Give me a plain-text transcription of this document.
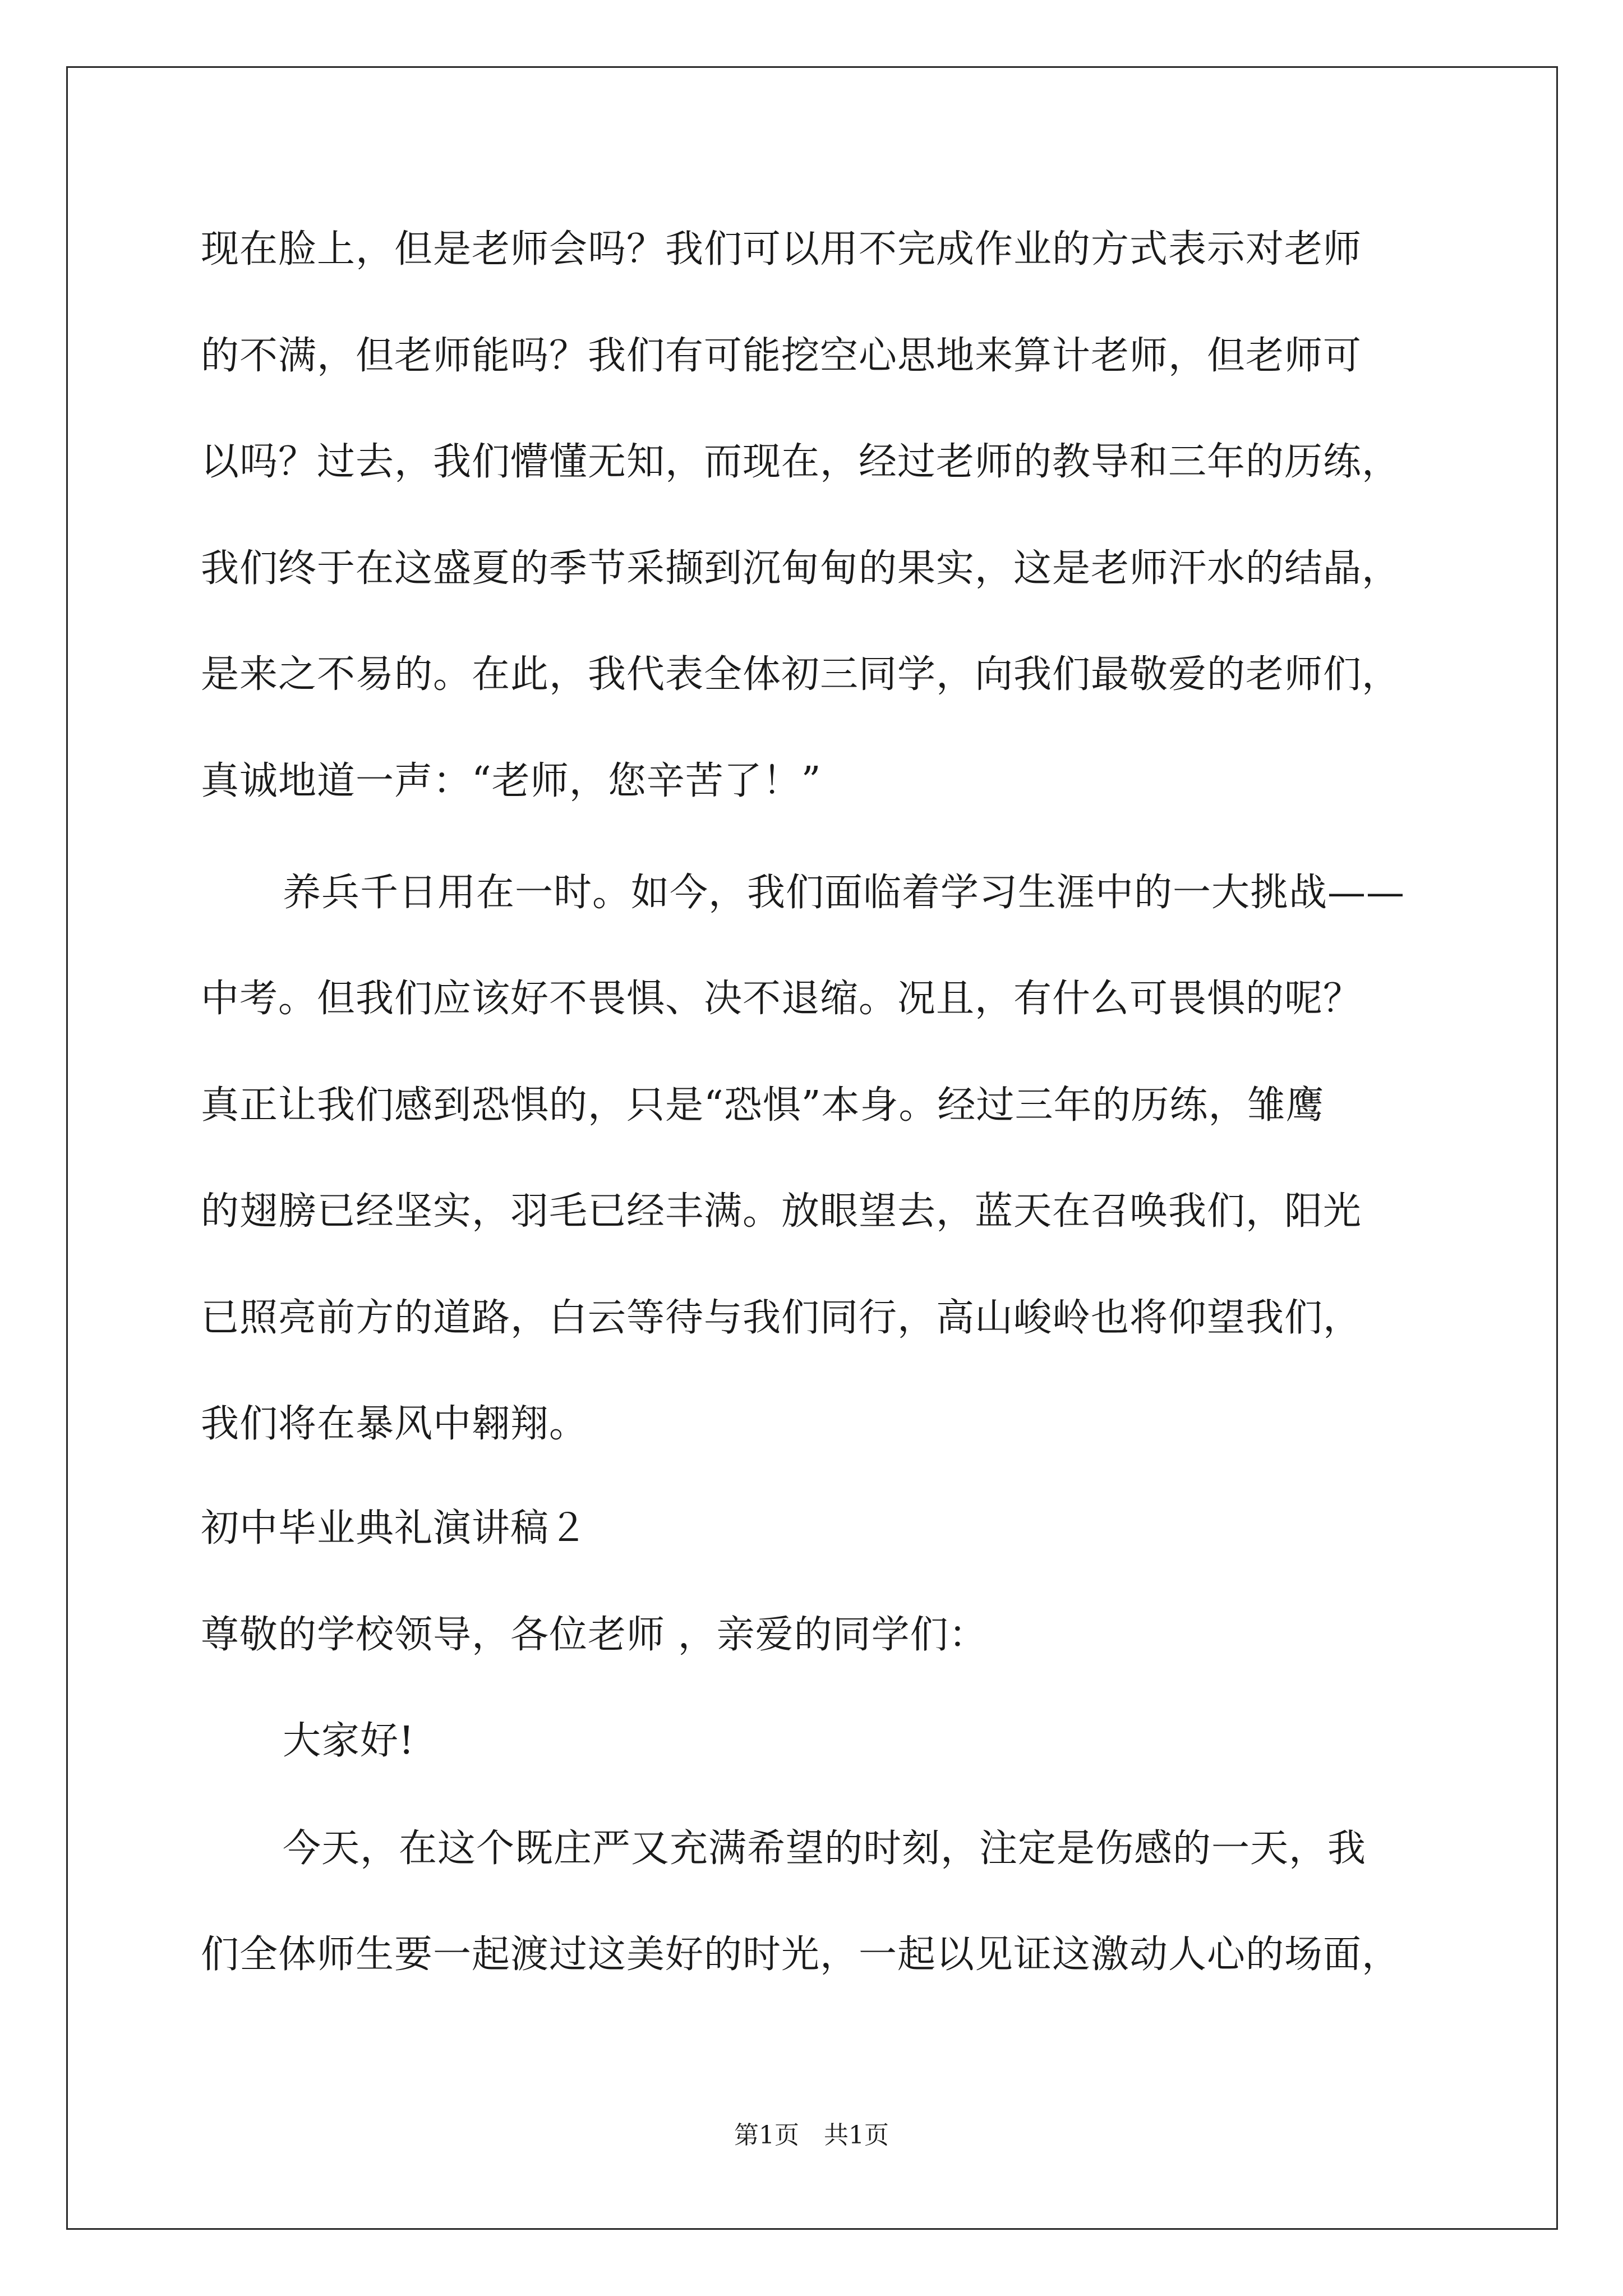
现在脸上，但是老师会吗？我们可以用不完成作业的方式表示对老师
的不满，但老师能吗？我们有可能挖空心思地来算计老师，但老师可
以吗？过去，我们懵懂无知，而现在，经过老师的教导和三年的历练，
我们终于在这盛夏的季节采撷到沉甸甸的果实，这是老师汗水的结晶，
是来之不易的。在此，我代表全体初三同学，向我们最敬爱的老师们，
真诚地道一声：“老师，您辛苦了！”
养兵千日用在一时。如今，我们面临着学习生涯中的一大挑战——
中考。但我们应该好不畏惧、决不退缩。况且，有什么可畏惧的呢？
真正让我们感到恐惧的，只是“恐惧”本身。经过三年的历练，雏鹰
的翅膀已经坚实，羽毛已经丰满。放眼望去，蓝天在召唤我们，阳光
已照亮前方的道路，白云等待与我们同行，高山峻岭也将仰望我们，
我们将在暴风中翱翔。
初中毕业典礼演讲稿２
尊敬的学校领导，各位老师 ，亲爱的同学们：
大家好!
今天，在这个既庄严又充满希望的时刻，注定是伤感的一天，我
们全体师生要一起渡过这美好的时光，一起以见证这激动人心的场面，
第1页　共1页
